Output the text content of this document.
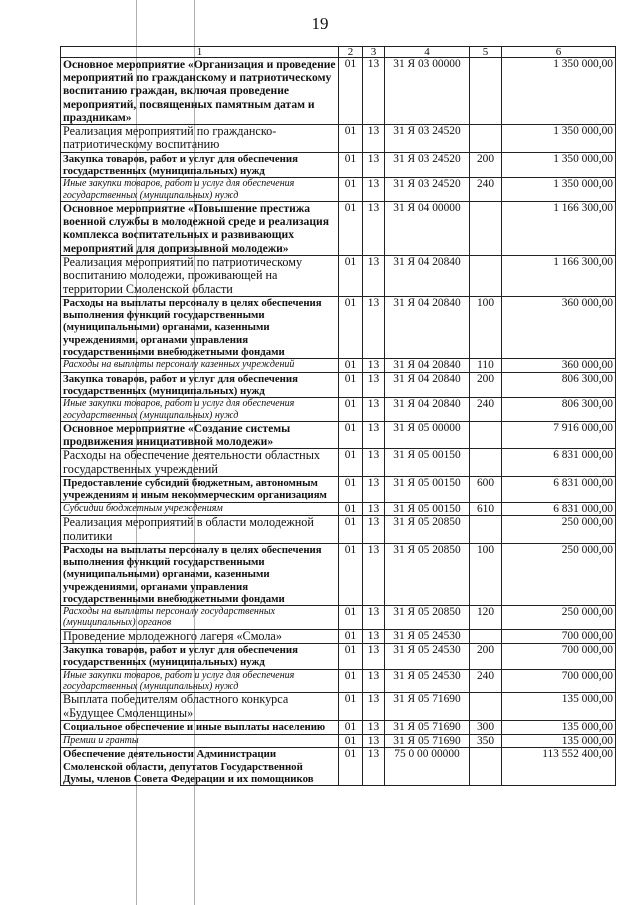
19
1	2	3	4	5	6
Основное мероприятие «Организация и проведение мероприятий по гражданскому и патриотическому воспитанию граждан, включая проведение мероприятий, посвященных памятным датам и праздникам»	01	13	31 Я 03 00000		1 350 000,00
Реализация мероприятий по гражданско-патриотическому воспитанию	01	13	31 Я 03 24520		1 350 000,00
Закупка товаров, работ и услуг для обеспечения государственных (муниципальных) нужд	01	13	31 Я 03 24520	200	1 350 000,00
Иные закупки товаров, работ и услуг для обеспечения государственных (муниципальных) нужд	01	13	31 Я 03 24520	240	1 350 000,00
Основное мероприятие «Повышение престижа военной службы в молодежной среде и реализация комплекса воспитательных и развивающих мероприятий для допризывной молодежи»	01	13	31 Я 04 00000		1 166 300,00
Реализация мероприятий по патриотическому воспитанию молодежи, проживающей на территории Смоленской области	01	13	31 Я 04 20840		1 166 300,00
Расходы на выплаты персоналу в целях обеспечения выполнения функций государственными (муниципальными) органами, казенными учреждениями, органами управления государственными внебюджетными фондами	01	13	31 Я 04 20840	100	360 000,00
Расходы на выплаты персоналу казенных учреждений	01	13	31 Я 04 20840	110	360 000,00
Закупка товаров, работ и услуг для обеспечения государственных (муниципальных) нужд	01	13	31 Я 04 20840	200	806 300,00
Иные закупки товаров, работ и услуг для обеспечения государственных (муниципальных) нужд	01	13	31 Я 04 20840	240	806 300,00
Основное мероприятие «Создание системы продвижения инициативной молодежи»	01	13	31 Я 05 00000		7 916 000,00
Расходы на обеспечение деятельности областных государственных учреждений	01	13	31 Я 05 00150		6 831 000,00
Предоставление субсидий бюджетным, автономным учреждениям и иным некоммерческим организациям	01	13	31 Я 05 00150	600	6 831 000,00
Субсидии бюджетным учреждениям	01	13	31 Я 05 00150	610	6 831 000,00
Реализация мероприятий в области молодежной политики	01	13	31 Я 05 20850		250 000,00
Расходы на выплаты персоналу в целях обеспечения выполнения функций государственными (муниципальными) органами, казенными учреждениями, органами управления государственными внебюджетными фондами	01	13	31 Я 05 20850	100	250 000,00
Расходы на выплаты персоналу государственных (муниципальных) органов	01	13	31 Я 05 20850	120	250 000,00
Проведение молодежного лагеря «Смола»	01	13	31 Я 05 24530		700 000,00
Закупка товаров, работ и услуг для обеспечения государственных (муниципальных) нужд	01	13	31 Я 05 24530	200	700 000,00
Иные закупки товаров, работ и услуг для обеспечения государственных (муниципальных) нужд	01	13	31 Я 05 24530	240	700 000,00
Выплата победителям областного конкурса «Будущее Смоленщины»	01	13	31 Я 05 71690		135 000,00
Социальное обеспечение и иные выплаты населению	01	13	31 Я 05 71690	300	135 000,00
Премии и гранты	01	13	31 Я 05 71690	350	135 000,00
Обеспечение деятельности Администрации Смоленской области, депутатов Государственной Думы, членов Совета Федерации и их помощников	01	13	75 0 00 00000		113 552 400,00
